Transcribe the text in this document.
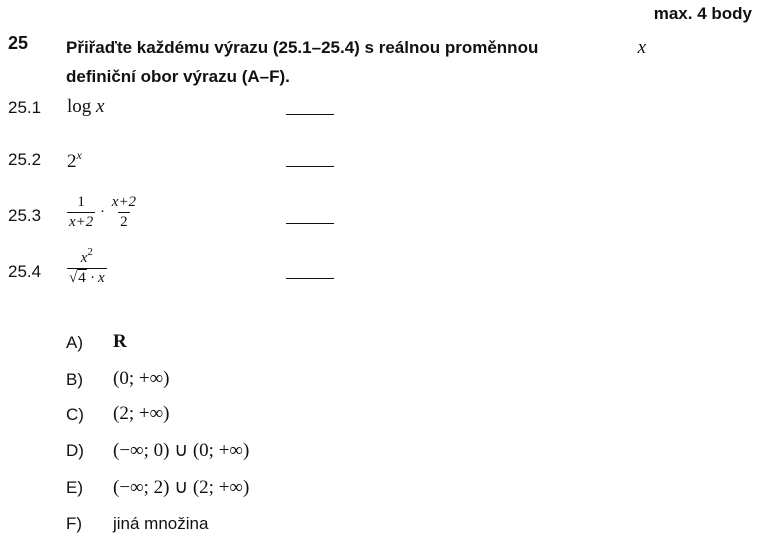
max. 4 body
25 Přiřaďte každému výrazu (25.1–25.4) s reálnou proměnnou	x
definiční obor výrazu (A–F).
25.1 log x
25.2 2$^x$
$25.3 \frac{1}{x+2} \cdot \frac{x+2}{2}$
$25.4 \frac{x^2}{√4 \cdot x}$
A) R
B) (0; +∞)
C) (2; +∞)
D) (−∞; 0) ∪ (0; +∞)
E) (−∞; 2) ∪ (2; +∞)
F) jiná množina
